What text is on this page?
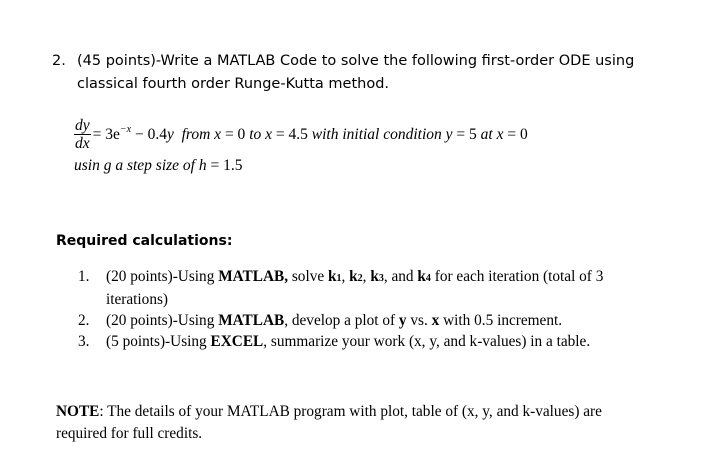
2. (45 points)-Write a MATLAB Code to solve the following first-order ODE using classical fourth order Runge-Kutta method.
$\frac{dy}{dx} = 3e^{-x} - 0.4y$ from x = 0 to x = 4.5 with initial condition y = 5 at x = 0
usin g a step size of h = 1.5
Required calculations:
1. (20 points)-Using MATLAB, solve k1, k2, k3, and k4 for each iteration (total of 3 iterations)
2. (20 points)-Using MATLAB, develop a plot of y vs. x with 0.5 increment.
3. (5 points)-Using EXCEL, summarize your work (x, y, and k-values) in a table.
NOTE: The details of your MATLAB program with plot, table of (x, y, and k-values) are required for full credits.
